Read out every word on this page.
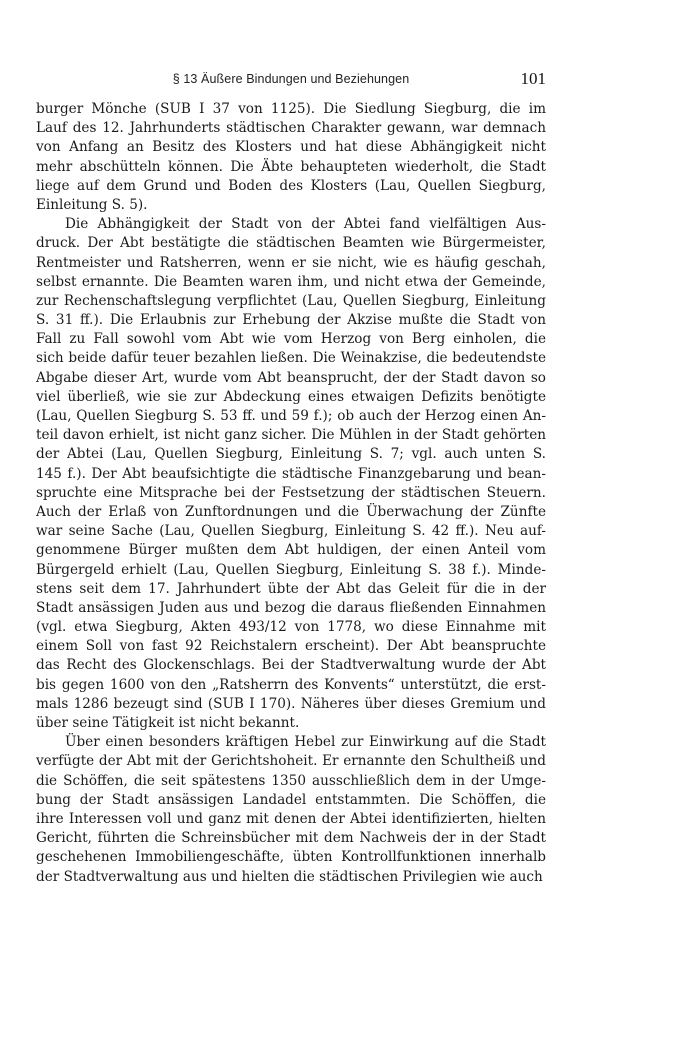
§ 13 Äußere Bindungen und Beziehungen	101
burger Mönche (SUB I 37 von 1125). Die Siedlung Siegburg, die im
Lauf des 12. Jahrhunderts städtischen Charakter gewann, war demnach
von Anfang an Besitz des Klosters und hat diese Abhängigkeit nicht
mehr abschütteln können. Die Äbte behaupteten wiederholt, die Stadt
liege auf dem Grund und Boden des Klosters (Lau, Quellen Siegburg,
Einleitung S. 5).
Die Abhängigkeit der Stadt von der Abtei fand vielfältigen Aus-
druck. Der Abt bestätigte die städtischen Beamten wie Bürgermeister,
Rentmeister und Ratsherren, wenn er sie nicht, wie es häufig geschah,
selbst ernannte. Die Beamten waren ihm, und nicht etwa der Gemeinde,
zur Rechenschaftslegung verpflichtet (Lau, Quellen Siegburg, Einleitung
S. 31 ff.). Die Erlaubnis zur Erhebung der Akzise mußte die Stadt von
Fall zu Fall sowohl vom Abt wie vom Herzog von Berg einholen, die
sich beide dafür teuer bezahlen ließen. Die Weinakzise, die bedeutendste
Abgabe dieser Art, wurde vom Abt beansprucht, der der Stadt davon so
viel überließ, wie sie zur Abdeckung eines etwaigen Defizits benötigte
(Lau, Quellen Siegburg S. 53 ff. und 59 f.); ob auch der Herzog einen An-
teil davon erhielt, ist nicht ganz sicher. Die Mühlen in der Stadt gehörten
der Abtei (Lau, Quellen Siegburg, Einleitung S. 7; vgl. auch unten S.
145 f.). Der Abt beaufsichtigte die städtische Finanzgebarung und bean-
spruchte eine Mitsprache bei der Festsetzung der städtischen Steuern.
Auch der Erlaß von Zunftordnungen und die Überwachung der Zünfte
war seine Sache (Lau, Quellen Siegburg, Einleitung S. 42 ff.). Neu auf-
genommene Bürger mußten dem Abt huldigen, der einen Anteil vom
Bürgergeld erhielt (Lau, Quellen Siegburg, Einleitung S. 38 f.). Minde-
stens seit dem 17. Jahrhundert übte der Abt das Geleit für die in der
Stadt ansässigen Juden aus und bezog die daraus fließenden Einnahmen
(vgl. etwa Siegburg, Akten 493/12 von 1778, wo diese Einnahme mit
einem Soll von fast 92 Reichstalern erscheint). Der Abt beanspruchte
das Recht des Glockenschlags. Bei der Stadtverwaltung wurde der Abt
bis gegen 1600 von den „Ratsherrn des Konvents“ unterstützt, die erst-
mals 1286 bezeugt sind (SUB I 170). Näheres über dieses Gremium und
über seine Tätigkeit ist nicht bekannt.
Über einen besonders kräftigen Hebel zur Einwirkung auf die Stadt
verfügte der Abt mit der Gerichtshoheit. Er ernannte den Schultheiß und
die Schöffen, die seit spätestens 1350 ausschließlich dem in der Umge-
bung der Stadt ansässigen Landadel entstammten. Die Schöffen, die
ihre Interessen voll und ganz mit denen der Abtei identifizierten, hielten
Gericht, führten die Schreinsbücher mit dem Nachweis der in der Stadt
geschehenen Immobiliengeschäfte, übten Kontrollfunktionen innerhalb
der Stadtverwaltung aus und hielten die städtischen Privilegien wie auch
